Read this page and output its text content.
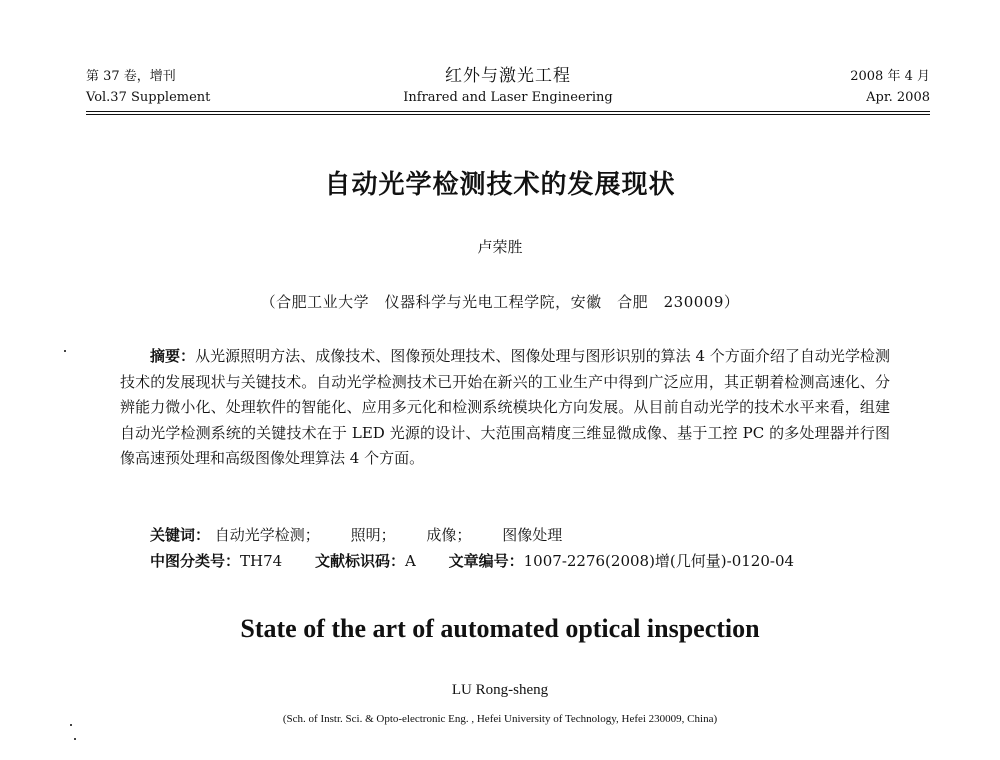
第 37 卷，增刊
Vol.37 Supplement
红外与激光工程
Infrared and Laser Engineering
2008 年 4 月
Apr. 2008
自动光学检测技术的发展现状
卢荣胜
（合肥工业大学　仪器科学与光电工程学院，安徽　合肥　230009）
摘要：从光源照明方法、成像技术、图像预处理技术、图像处理与图形识别的算法 4 个方面介绍了自动光学检测技术的发展现状与关键技术。自动光学检测技术已开始在新兴的工业生产中得到广泛应用，其正朝着检测高速化、分辨能力微小化、处理软件的智能化、应用多元化和检测系统模块化方向发展。从目前自动光学的技术水平来看，组建自动光学检测系统的关键技术在于 LED 光源的设计、大范围高精度三维显微成像、基于工控 PC 的多处理器并行图像高速预处理和高级图像处理算法 4 个方面。
关键词： 自动光学检测； 照明； 成像； 图像处理
中图分类号：TH74 文献标识码：A 文章编号：1007-2276(2008)增(几何量)-0120-04
State of the art of automated optical inspection
LU Rong-sheng
(Sch. of Instr. Sci. & Opto-electronic Eng. , Hefei University of Technology, Hefei 230009, China)
